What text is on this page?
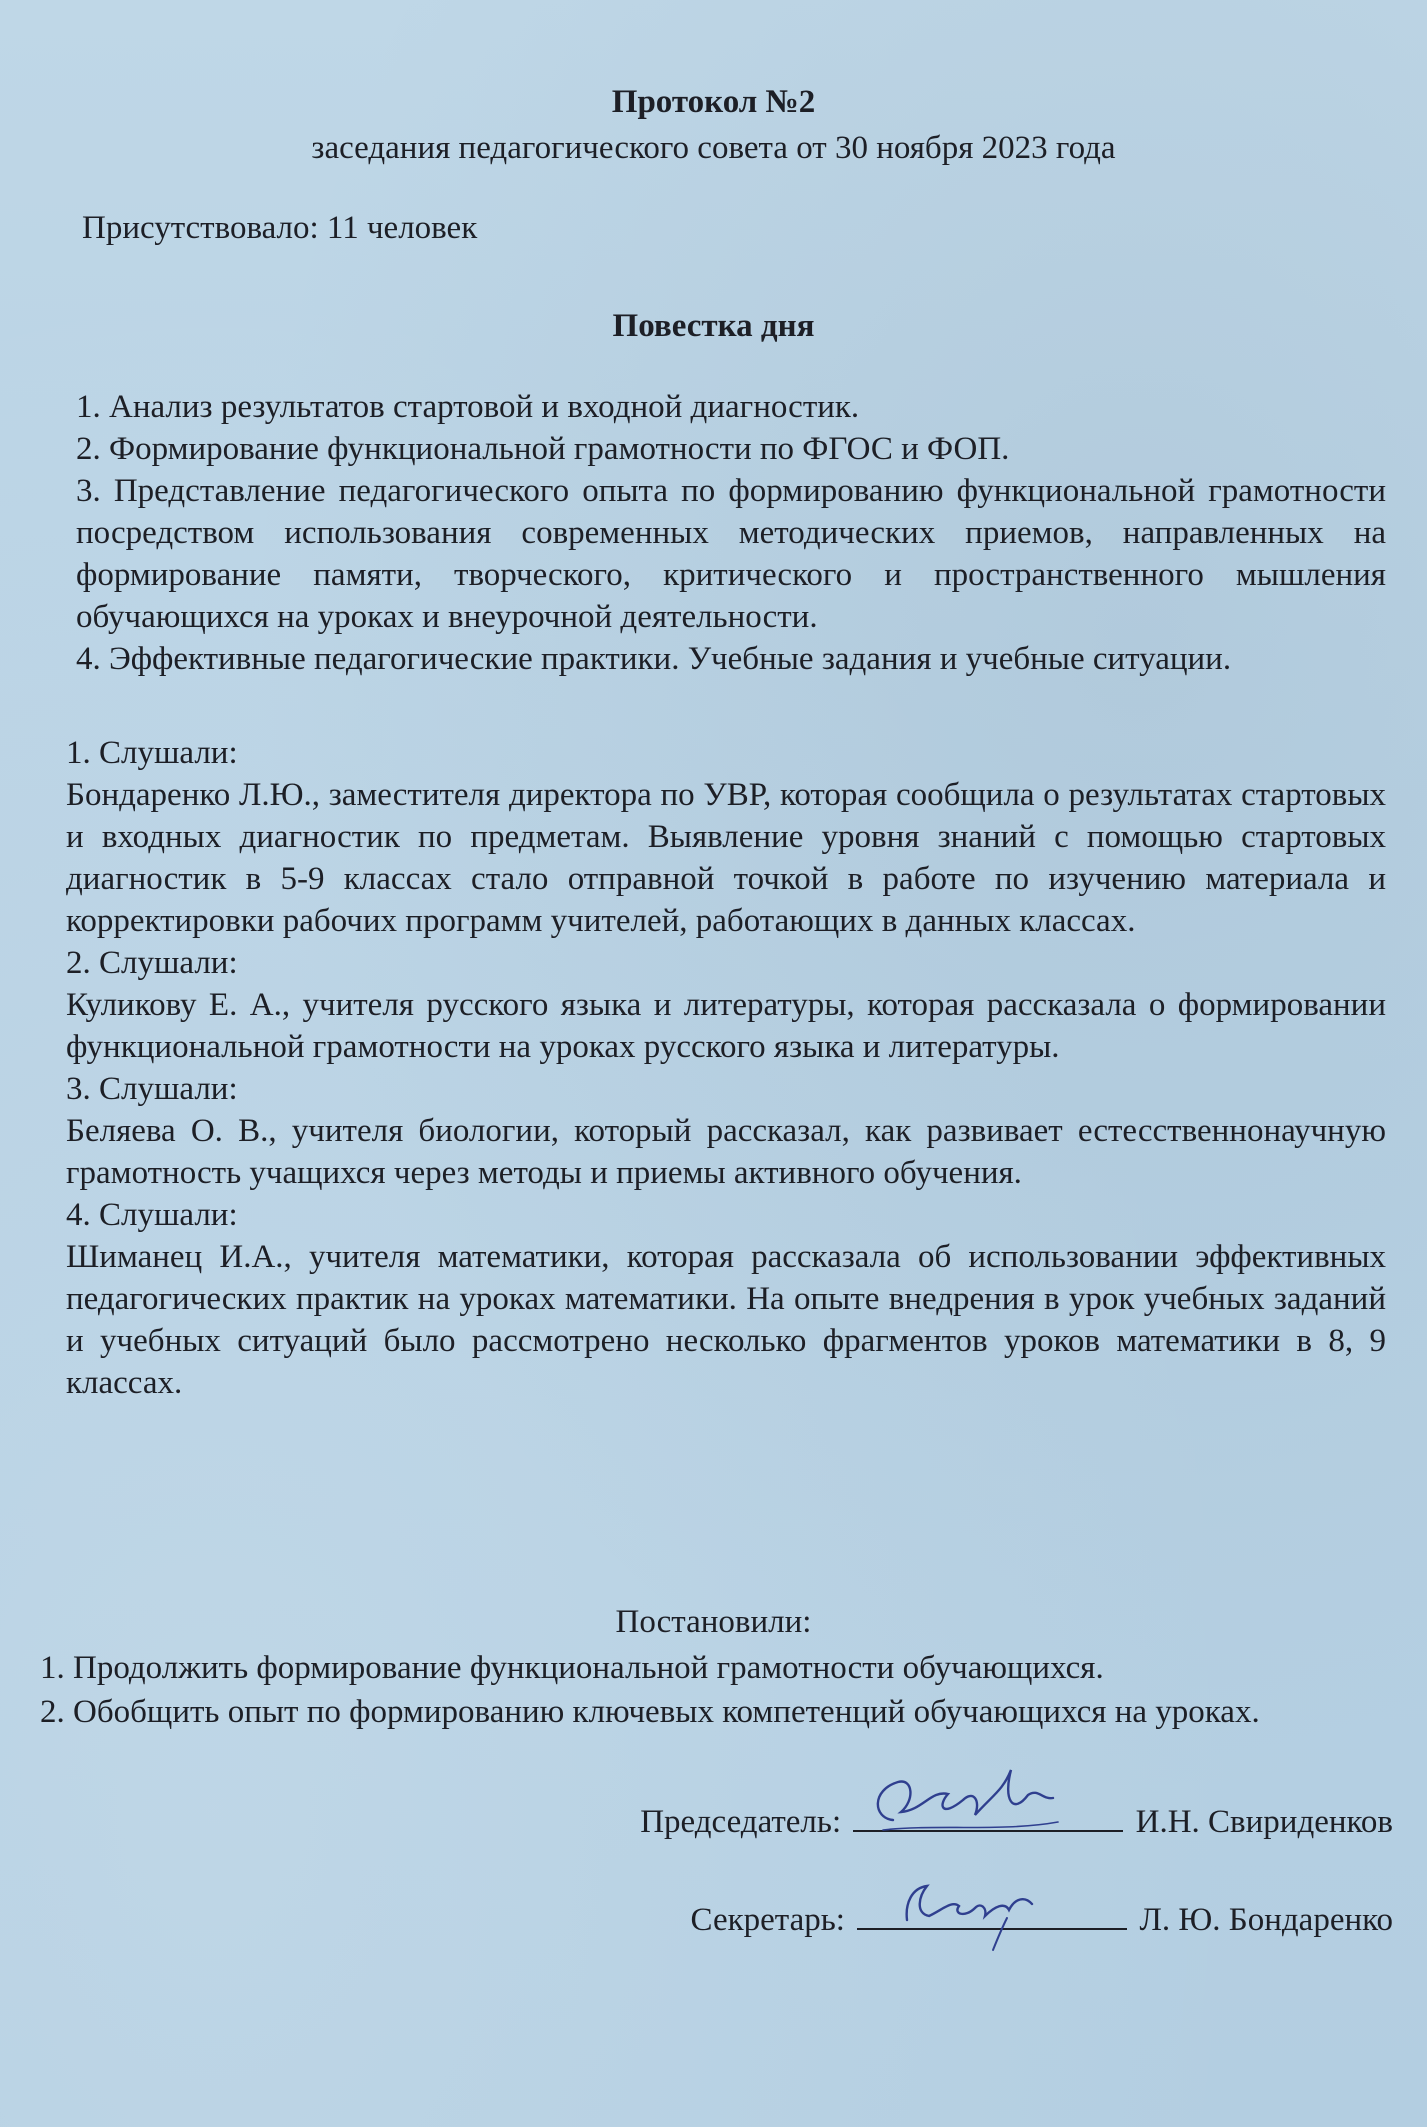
Протокол №2
заседания педагогического совета от 30 ноября 2023 года
Присутствовало: 11 человек
Повестка дня

1. Анализ результатов стартовой и входной диагностик.

2. Формирование функциональной грамотности по ФГОС и ФОП.

3. Представление педагогического опыта по формированию функциональной грамотности посредством использования современных методических приемов, направленных на формирование памяти, творческого, критического и пространственного мышления обучающихся на уроках и внеурочной деятельности.

4. Эффективные педагогические практики. Учебные задания и учебные ситуации.

1. Слушали:

Бондаренко Л.Ю., заместителя директора по УВР, которая сообщила о результатах стартовых и входных диагностик по предметам. Выявление уровня знаний с помощью стартовых диагностик в 5-9 классах стало отправной точкой в работе по изучению материала и корректировки рабочих программ учителей, работающих в данных классах.

2. Слушали:

Куликову Е. А., учителя русского языка и литературы, которая рассказала о формировании функциональной грамотности на уроках русского языка и литературы.

3. Слушали:

Беляева О. В., учителя биологии, который рассказал, как развивает естесственнонаучную грамотность учащихся через методы и приемы активного обучения.

4. Слушали:

Шиманец И.А., учителя математики, которая рассказала об использовании эффективных педагогических практик на уроках математики. На опыте внедрения в урок учебных заданий и учебных ситуаций было рассмотрено несколько фрагментов уроков математики в 8, 9 классах.

Постановили:

1. Продолжить формирование функциональной грамотности обучающихся.

2. Обобщить опыт по формированию ключевых компетенций обучающихся на уроках.

Председатель:	И.Н. Свириденков
Секретарь:	Л. Ю. Бондаренко
